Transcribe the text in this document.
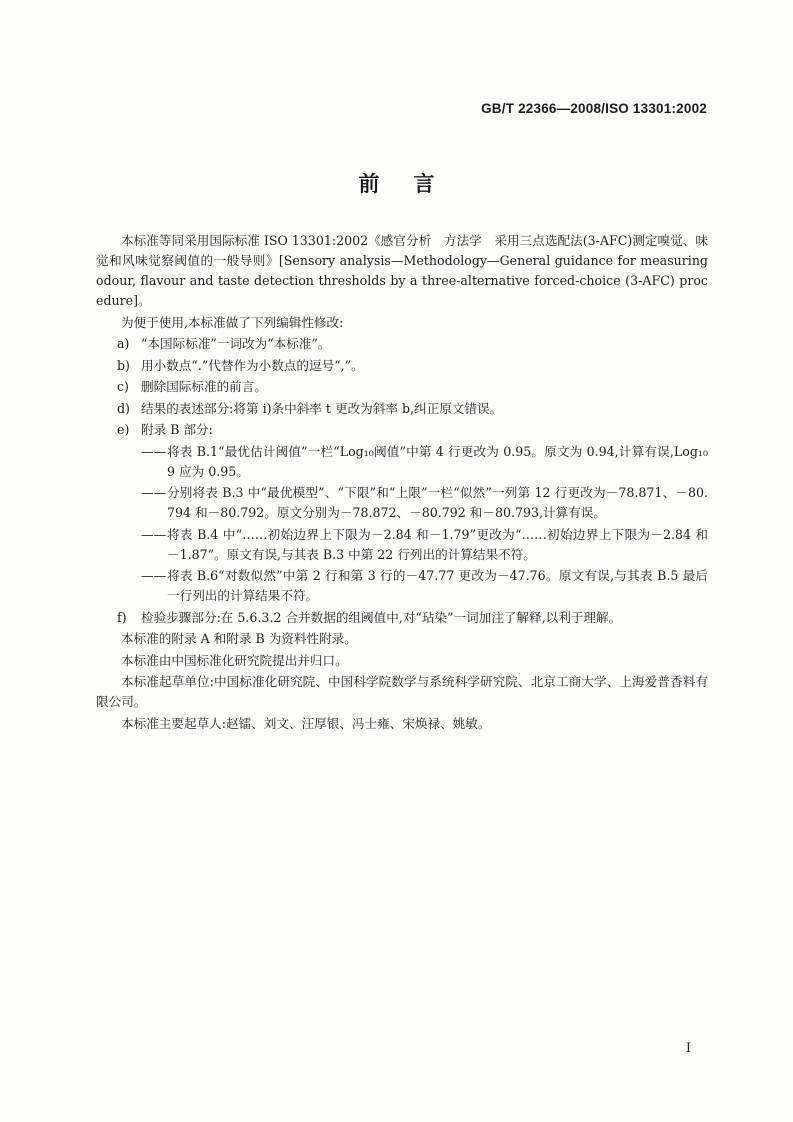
GB/T 22366—2008/ISO 13301:2002
前言

本标准等同采用国际标准 ISO 13301:2002《感官分析　方法学　采用三点选配法(3-AFC)测定嗅觉、味觉和风味觉察阈值的一般导则》[Sensory analysis—Methodology—General guidance for measuring odour, flavour and taste detection thresholds by a three-alternative forced-choice (3-AFC) procedure]。

为便于使用,本标准做了下列编辑性修改:

a) “本国际标准”一词改为“本标准”。
b) 用小数点“.”代替作为小数点的逗号“,”。
c) 删除国际标准的前言。
d) 结果的表述部分:将第 i)条中斜率 t 更改为斜率 b,纠正原文错误。
e) 附录 B 部分:
—— 将表 B.1“最优估计阈值”一栏“Log₁₀阈值”中第 4 行更改为 0.95。原文为 0.94,计算有误,Log₁₀9 应为 0.95。
—— 分别将表 B.3 中“最优模型”、“下限”和“上限”一栏“似然”一列第 12 行更改为－78.871、－80.794 和－80.792。原文分别为－78.872、－80.792 和－80.793,计算有误。
—— 将表 B.4 中“……初始边界上下限为－2.84 和－1.79”更改为“……初始边界上下限为－2.84 和－1.87”。原文有误,与其表 B.3 中第 22 行列出的计算结果不符。
—— 将表 B.6“对数似然”中第 2 行和第 3 行的－47.77 更改为－47.76。原文有误,与其表 B.5 最后一行列出的计算结果不符。
f) 检验步骤部分:在 5.6.3.2 合并数据的组阈值中,对“玷染”一词加注了解释,以利于理解。

本标准的附录 A 和附录 B 为资料性附录。

本标准由中国标准化研究院提出并归口。

本标准起草单位:中国标准化研究院、中国科学院数学与系统科学研究院、北京工商大学、上海爱普香料有限公司。

本标准主要起草人:赵镭、刘文、汪厚银、冯士雍、宋焕禄、姚敏。

I
